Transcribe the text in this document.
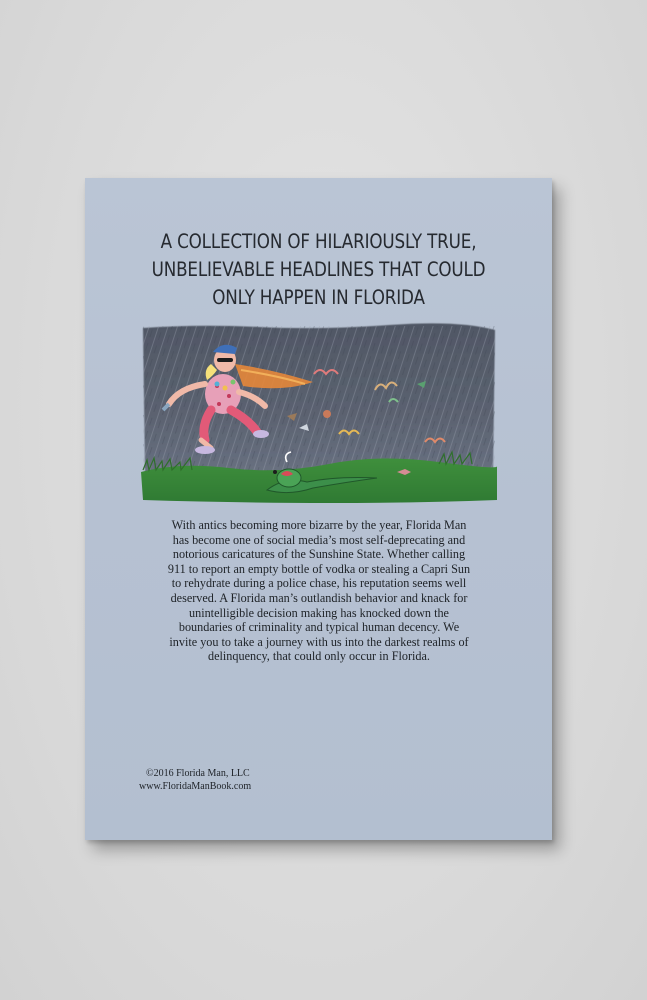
A COLLECTION OF HILARIOUSLY TRUE,
UNBELIEVABLE HEADLINES THAT COULD
ONLY HAPPEN IN FLORIDA
With antics becoming more bizarre by the year, Florida Man
has become one of social media’s most self-deprecating and
notorious caricatures of the Sunshine State. Whether calling
911 to report an empty bottle of vodka or stealing a Capri Sun
to rehydrate during a police chase, his reputation seems well
deserved. A Florida man’s outlandish behavior and knack for
unintelligible decision making has knocked down the
boundaries of criminality and typical human decency. We
invite you to take a journey with us into the darkest realms of
delinquency, that could only occur in Florida.
©2016 Florida Man, LLC
www.FloridaManBook.com
